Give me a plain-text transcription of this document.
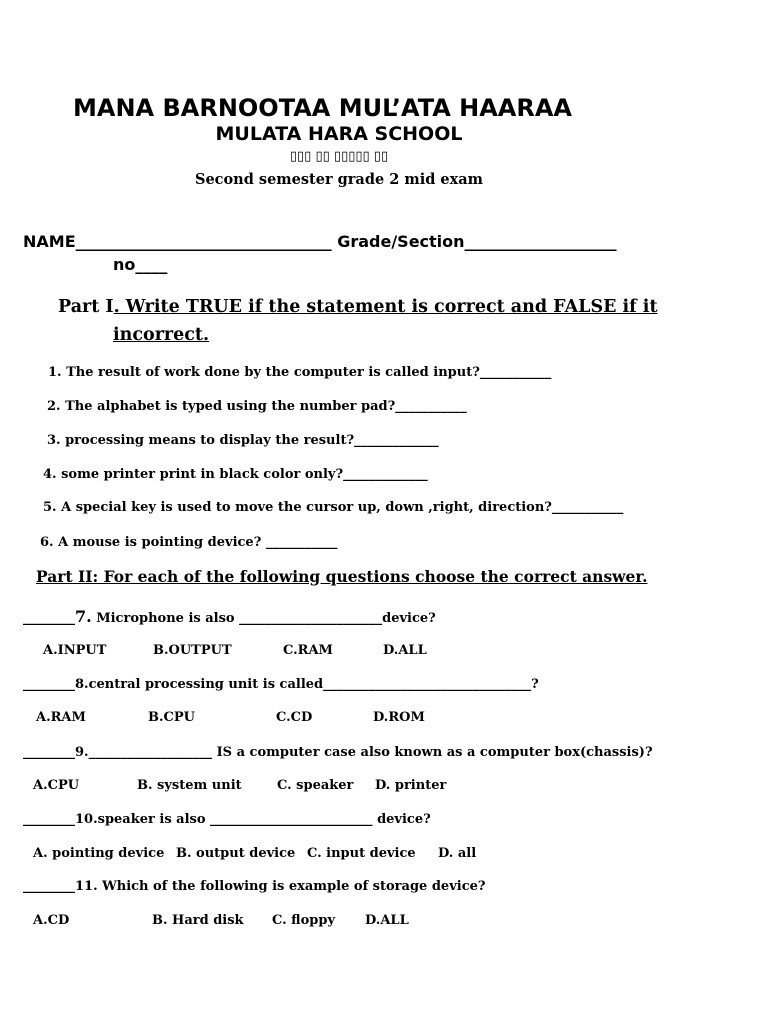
MANA BARNOOTAA MUL’ATA HAARAA
MULATA HARA SCHOOL
▯▯▯ ▯▯ ▯▯▯▯▯ ▯▯
Second semester grade 2 mid exam
NAME________________________________ Grade/Section___________________
no____
Part I. Write TRUE if the statement is correct and FALSE if it
incorrect.
1. The result of work done by the computer is called input?___________
2. The alphabet is typed using the number pad?___________
3. processing means to display the result?_____________
4. some printer print in black color only?_____________
5. A special key is used to move the cursor up, down ,right, direction?___________
6. A mouse is pointing device? ___________
Part II: For each of the following questions choose the correct answer.
________7. Microphone is also ______________________device?
A.INPUT	B.OUTPUT	C.RAM	D.ALL
________8.central processing unit is called________________________________?
A.RAM	B.CPU	C.CD	D.ROM
________9.___________________ IS a computer case also known as a computer box(chassis)?
A.CPU	B. system unit	C. speaker D. printer
________10.speaker is also _________________________ device?
A. pointing device B. output device C. input device D. all
________11. Which of the following is example of storage device?
A.CD	B. Hard disk C. floppy D.ALL
